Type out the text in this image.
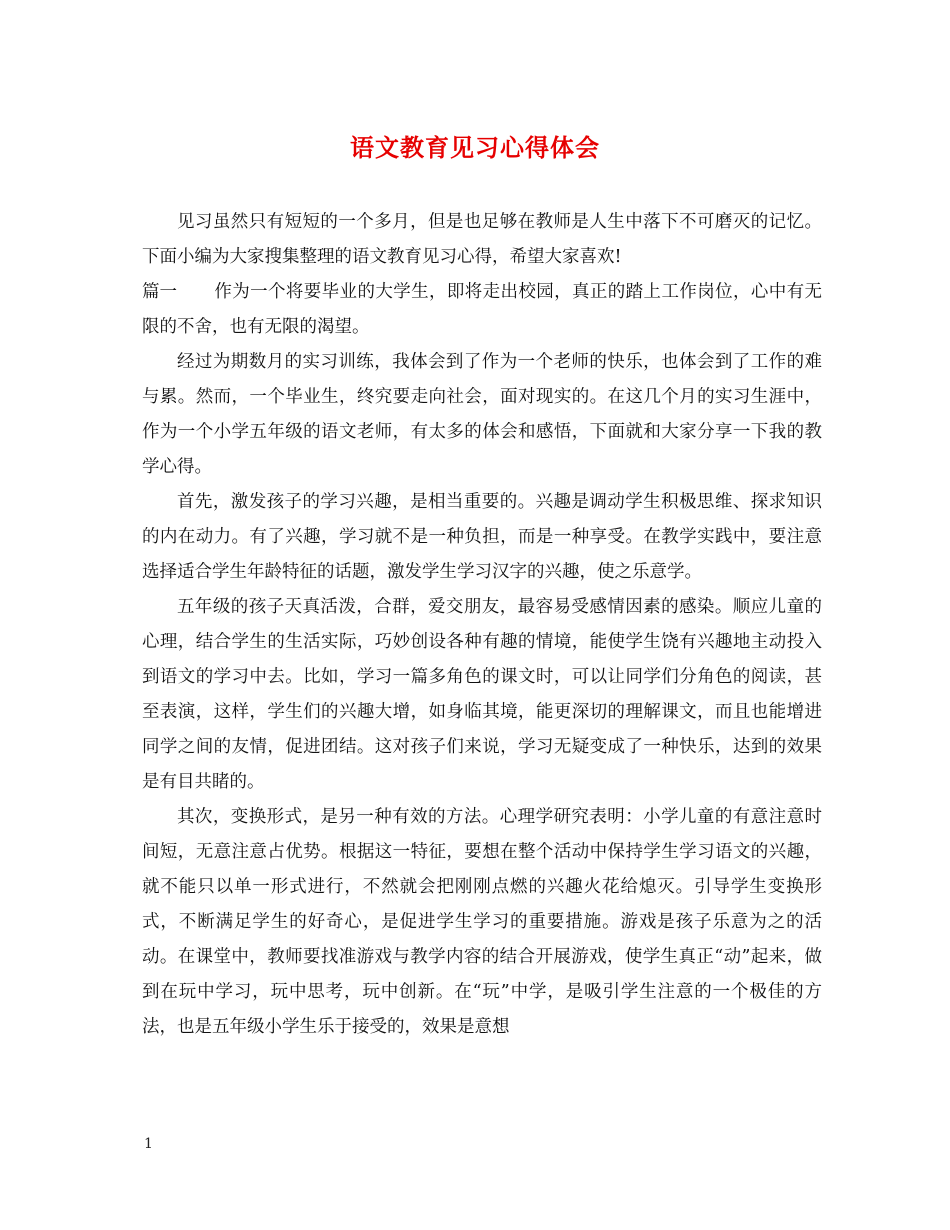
语文教育见习心得体会

见习虽然只有短短的一个多月，但是也足够在教师是人生中落下不可磨灭的记忆。下面小编为大家搜集整理的语文教育见习心得，希望大家喜欢!

篇一 作为一个将要毕业的大学生，即将走出校园，真正的踏上工作岗位，心中有无限的不舍，也有无限的渴望。

经过为期数月的实习训练，我体会到了作为一个老师的快乐，也体会到了工作的难与累。然而，一个毕业生，终究要走向社会，面对现实的。在这几个月的实习生涯中，作为一个小学五年级的语文老师，有太多的体会和感悟，下面就和大家分享一下我的教学心得。

首先，激发孩子的学习兴趣，是相当重要的。兴趣是调动学生积极思维、探求知识的内在动力。有了兴趣，学习就不是一种负担，而是一种享受。在教学实践中，要注意选择适合学生年龄特征的话题，激发学生学习汉字的兴趣，使之乐意学。

五年级的孩子天真活泼，合群，爱交朋友，最容易受感情因素的感染。顺应儿童的心理，结合学生的生活实际，巧妙创设各种有趣的情境，能使学生饶有兴趣地主动投入到语文的学习中去。比如，学习一篇多角色的课文时，可以让同学们分角色的阅读，甚至表演，这样，学生们的兴趣大增，如身临其境，能更深切的理解课文，而且也能增进同学之间的友情，促进团结。这对孩子们来说，学习无疑变成了一种快乐，达到的效果是有目共睹的。

其次，变换形式，是另一种有效的方法。心理学研究表明：小学儿童的有意注意时间短，无意注意占优势。根据这一特征，要想在整个活动中保持学生学习语文的兴趣，就不能只以单一形式进行，不然就会把刚刚点燃的兴趣火花给熄灭。引导学生变换形式，不断满足学生的好奇心，是促进学生学习的重要措施。游戏是孩子乐意为之的活动。在课堂中，教师要找准游戏与教学内容的结合开展游戏，使学生真正“动”起来，做到在玩中学习，玩中思考，玩中创新。在“玩”中学，是吸引学生注意的一个极佳的方法，也是五年级小学生乐于接受的，效果是意想

1
